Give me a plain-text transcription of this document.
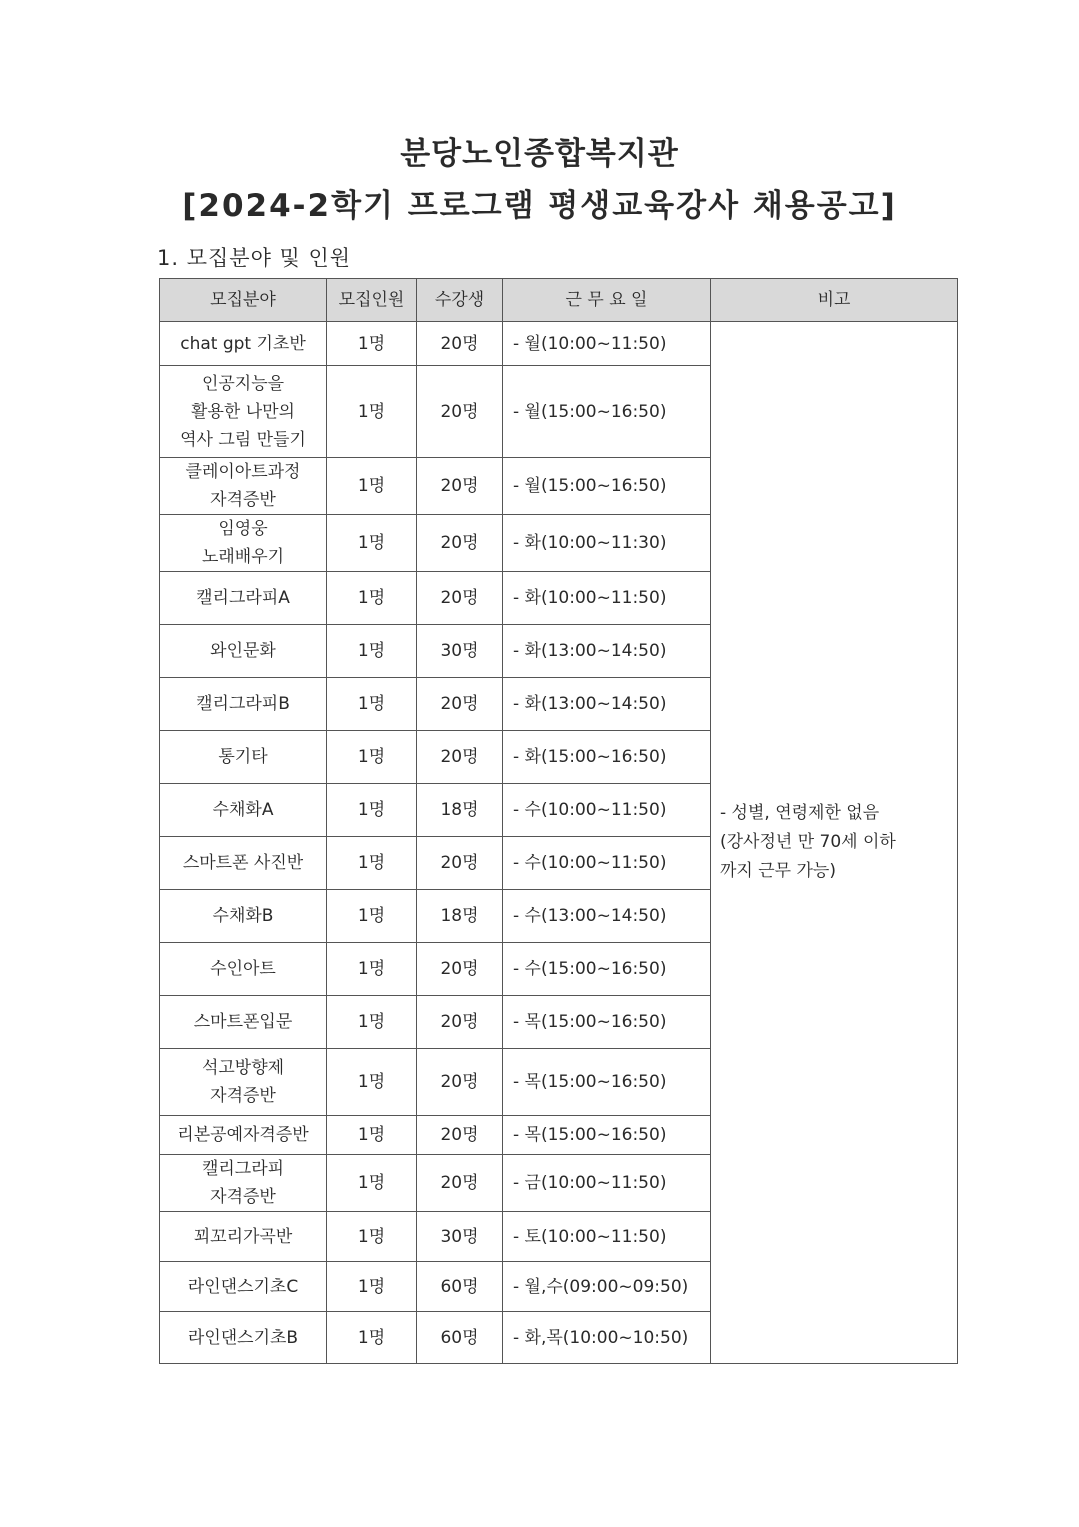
분당노인종합복지관
[2024-2학기 프로그램 평생교육강사 채용공고]
1. 모집분야 및 인원
모집분야	모집인원	수강생	근 무 요 일	비고

chat gpt 기초반	1명	20명	- 월(10:00~11:50)	- 성별, 연령제한 없음
(강사정년 만 70세 이하
까지 근무 가능)

인공지능을
활용한 나만의
역사 그림 만들기	1명	20명	- 월(15:00~16:50)	

클레이아트과정
자격증반	1명	20명	- 월(15:00~16:50)	

임영웅
노래배우기	1명	20명	- 화(10:00~11:30)	

캘리그라피A	1명	20명	- 화(10:00~11:50)	

와인문화	1명	30명	- 화(13:00~14:50)	

캘리그라피B	1명	20명	- 화(13:00~14:50)	

통기타	1명	20명	- 화(15:00~16:50)	

수채화A	1명	18명	- 수(10:00~11:50)	

스마트폰 사진반	1명	20명	- 수(10:00~11:50)	

수채화B	1명	18명	- 수(13:00~14:50)	

수인아트	1명	20명	- 수(15:00~16:50)	

스마트폰입문	1명	20명	- 목(15:00~16:50)	

석고방향제
자격증반	1명	20명	- 목(15:00~16:50)	

리본공예자격증반	1명	20명	- 목(15:00~16:50)	

캘리그라피
자격증반	1명	20명	- 금(10:00~11:50)	

꾀꼬리가곡반	1명	30명	- 토(10:00~11:50)	

라인댄스기초C	1명	60명	- 월,수(09:00~09:50)	

라인댄스기초B	1명	60명	- 화,목(10:00~10:50)	
